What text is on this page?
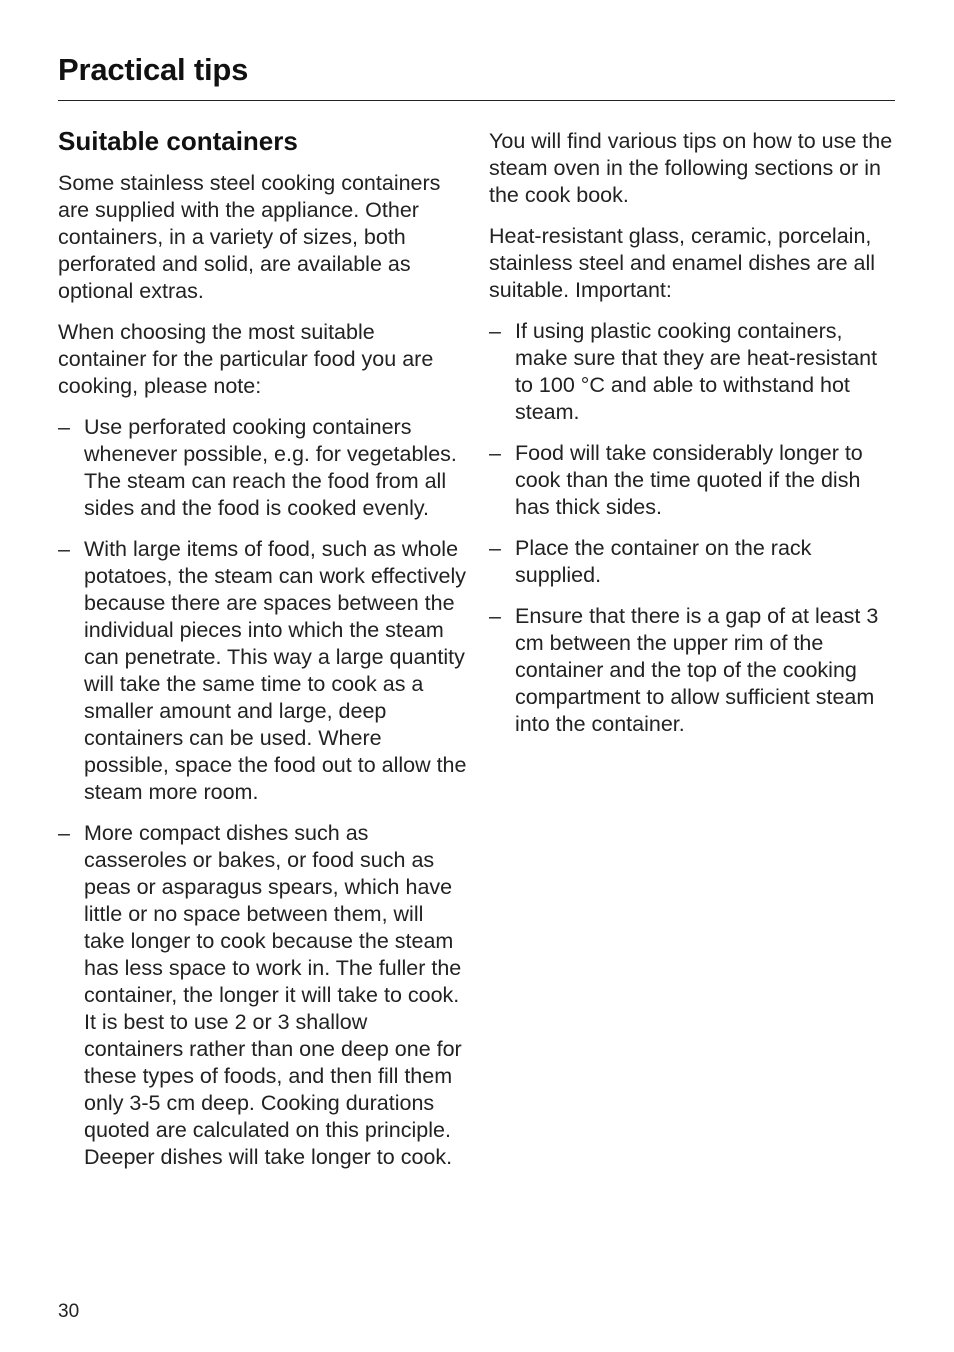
Practical tips
Suitable containers

Some stainless steel cooking containers are supplied with the appliance. Other containers, in a variety of sizes, both perforated and solid, are available as optional extras.

When choosing the most suitable container for the particular food you are cooking, please note:

– Use perforated cooking containers whenever possible, e.g. for vegetables. The steam can reach the food from all sides and the food is cooked evenly.
– With large items of food, such as whole potatoes, the steam can work effectively because there are spaces between the individual pieces into which the steam can penetrate. This way a large quantity will take the same time to cook as a smaller amount and large, deep containers can be used. Where possible, space the food out to allow the steam more room.
– More compact dishes such as casseroles or bakes, or food such as peas or asparagus spears, which have little or no space between them, will take longer to cook because the steam has less space to work in. The fuller the container, the longer it will take to cook. It is best to use 2 or 3 shallow containers rather than one deep one for these types of foods, and then fill them only 3-5 cm deep. Cooking durations quoted are calculated on this principle. Deeper dishes will take longer to cook.

You will find various tips on how to use the steam oven in the following sections or in the cook book.

Heat-resistant glass, ceramic, porcelain, stainless steel and enamel dishes are all suitable. Important:

– If using plastic cooking containers, make sure that they are heat-resistant to 100 °C and able to withstand hot steam.
– Food will take considerably longer to cook than the time quoted if the dish has thick sides.
– Place the container on the rack supplied.
– Ensure that there is a gap of at least 3 cm between the upper rim of the container and the top of the cooking compartment to allow sufficient steam into the container.
30
